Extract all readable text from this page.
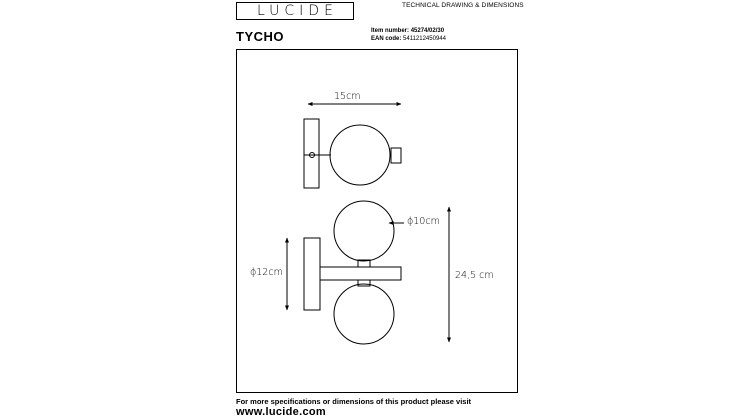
LUCIDE	TECHNICAL DRAWING & DIMENSIONS
TYCHO	Item number: 45274/02/30
EAN code: 5411212450944
15cm
ϕ10cm
ϕ12cm	24,5 cm
For more specifications or dimensions of this product please visit
www.lucide.com
